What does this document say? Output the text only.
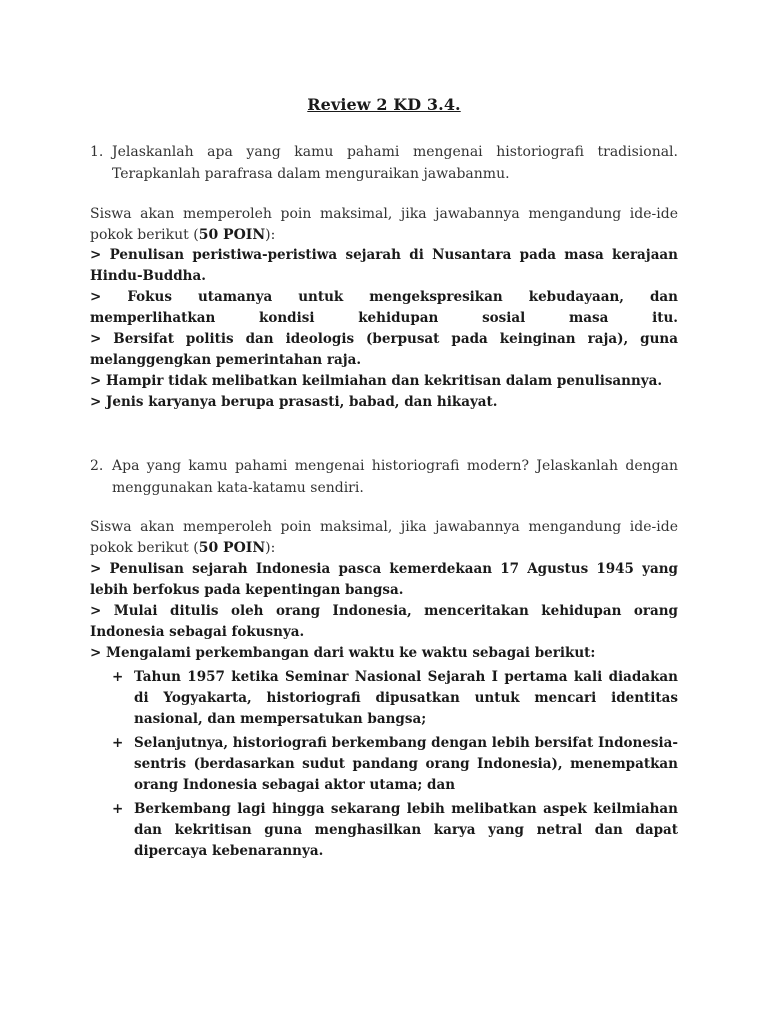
Review 2 KD 3.4.
1. Jelaskanlah apa yang kamu pahami mengenai historiografi tradisional. Terapkanlah parafrasa dalam menguraikan jawabanmu.
Siswa akan memperoleh poin maksimal, jika jawabannya mengandung ide-ide pokok berikut (50 POIN):
> Penulisan peristiwa-peristiwa sejarah di Nusantara pada masa kerajaan Hindu-Buddha.
> Fokus utamanya untuk mengekspresikan kebudayaan, dan memperlihatkan kondisi kehidupan sosial masa itu.
> Bersifat politis dan ideologis (berpusat pada keinginan raja), guna melanggengkan pemerintahan raja.
> Hampir tidak melibatkan keilmiahan dan kekritisan dalam penulisannya.
> Jenis karyanya berupa prasasti, babad, dan hikayat.
2. Apa yang kamu pahami mengenai historiografi modern? Jelaskanlah dengan menggunakan kata-katamu sendiri.
Siswa akan memperoleh poin maksimal, jika jawabannya mengandung ide-ide pokok berikut (50 POIN):
> Penulisan sejarah Indonesia pasca kemerdekaan 17 Agustus 1945 yang lebih berfokus pada kepentingan bangsa.
> Mulai ditulis oleh orang Indonesia, menceritakan kehidupan orang Indonesia sebagai fokusnya.
> Mengalami perkembangan dari waktu ke waktu sebagai berikut:
+ Tahun 1957 ketika Seminar Nasional Sejarah I pertama kali diadakan di Yogyakarta, historiografi dipusatkan untuk mencari identitas nasional, dan mempersatukan bangsa;
+ Selanjutnya, historiografi berkembang dengan lebih bersifat Indonesia-sentris (berdasarkan sudut pandang orang Indonesia), menempatkan orang Indonesia sebagai aktor utama; dan
+ Berkembang lagi hingga sekarang lebih melibatkan aspek keilmiahan dan kekritisan guna menghasilkan karya yang netral dan dapat dipercaya kebenarannya.
